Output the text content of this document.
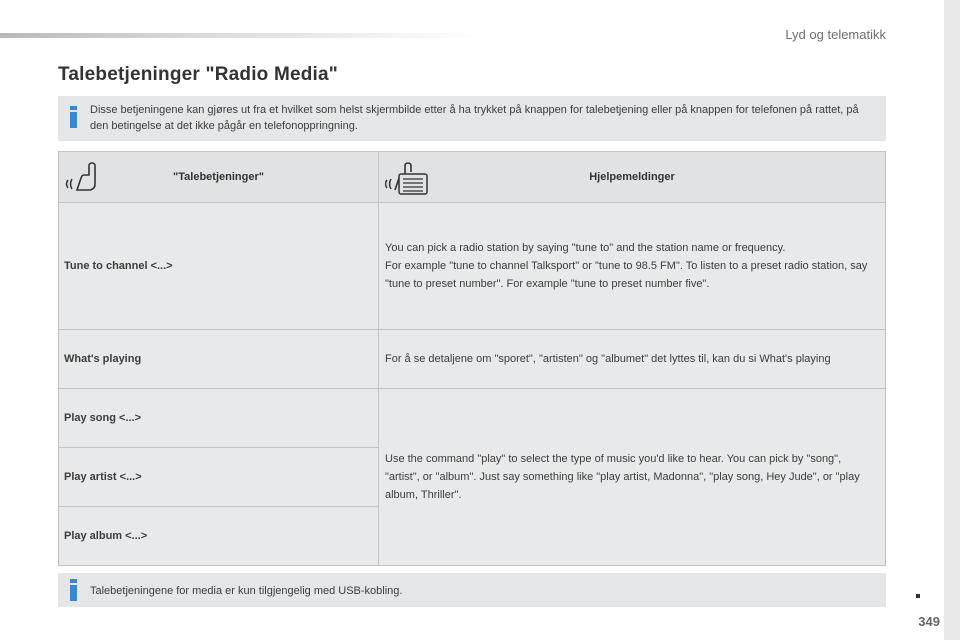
Lyd og telematikk
Talebetjeninger "Radio Media"
Disse betjeningene kan gjøres ut fra et hvilket som helst skjermbilde etter å ha trykket på knappen for talebetjening eller på knappen for telefonen på rattet, på den betingelse at det ikke pågår en telefonoppringning.
"Talebetjeninger"	Hjelpemeldinger
Tune to channel <...>	You can pick a radio station by saying "tune to" and the station name or frequency.
For example "tune to channel Talksport" or "tune to 98.5 FM". To listen to a preset radio station, say "tune to preset number". For example "tune to preset number five".
What's playing	For å se detaljene om "sporet", "artisten" og "albumet" det lyttes til, kan du si What's playing
Play song <...>	Use the command "play" to select the type of music you'd like to hear. You can pick by "song", "artist", or "album". Just say something like "play artist, Madonna", "play song, Hey Jude", or "play album, Thriller".
Play artist <...>	
Play album <...>	
Talebetjeningene for media er kun tilgjengelig med USB-kobling.
349
